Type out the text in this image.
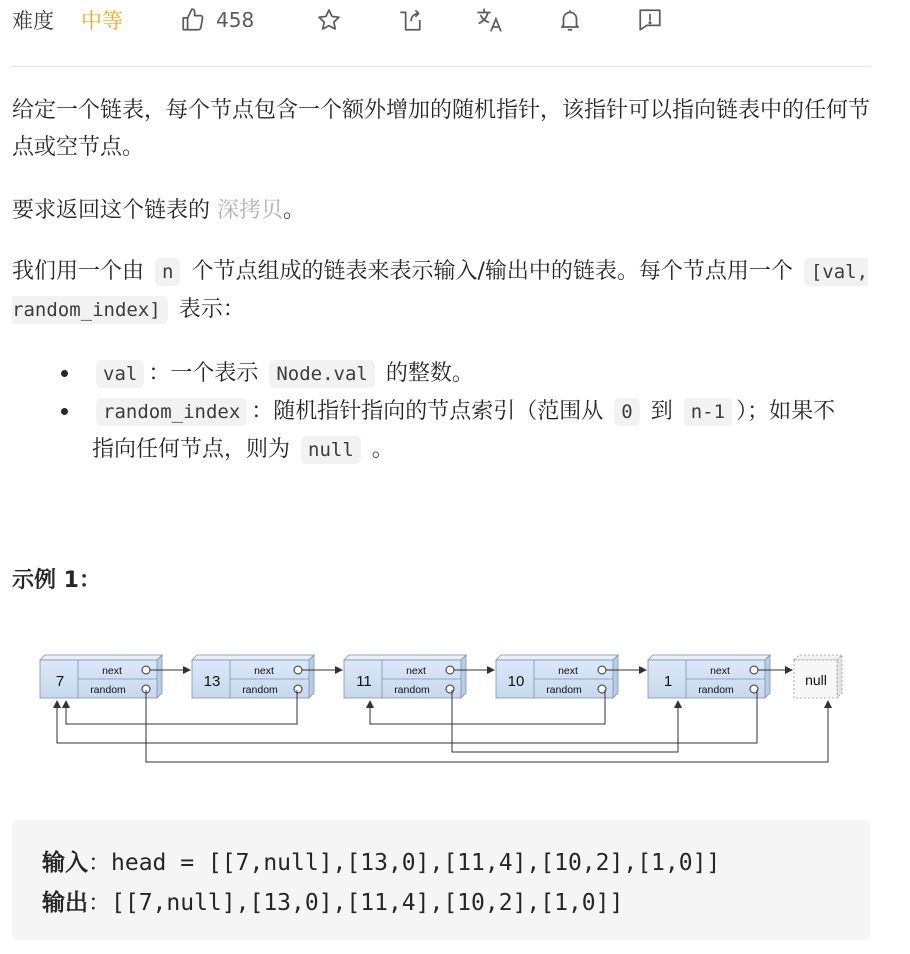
难度 中等	458

给定一个链表，每个节点包含一个额外增加的随机指针，该指针可以指向链表中的任何节点或空节点。

要求返回这个链表的 深拷贝。

我们用一个由 n 个节点组成的链表来表示输入/输出中的链表。每个节点用一个 [val, random_index] 表示：

val ：一个表示 Node.val 的整数。
random_index ：随机指针指向的节点索引（范围从 0 到 n-1 ）；如果不指向任何节点，则为 null 。
示例 1：
7
next
random	13
next
random	11
next
random	10
next
random	1
next
random
null
输入：head = [[7,null],[13,0],[11,4],[10,2],[1,0]]
输出：[[7,null],[13,0],[11,4],[10,2],[1,0]]
